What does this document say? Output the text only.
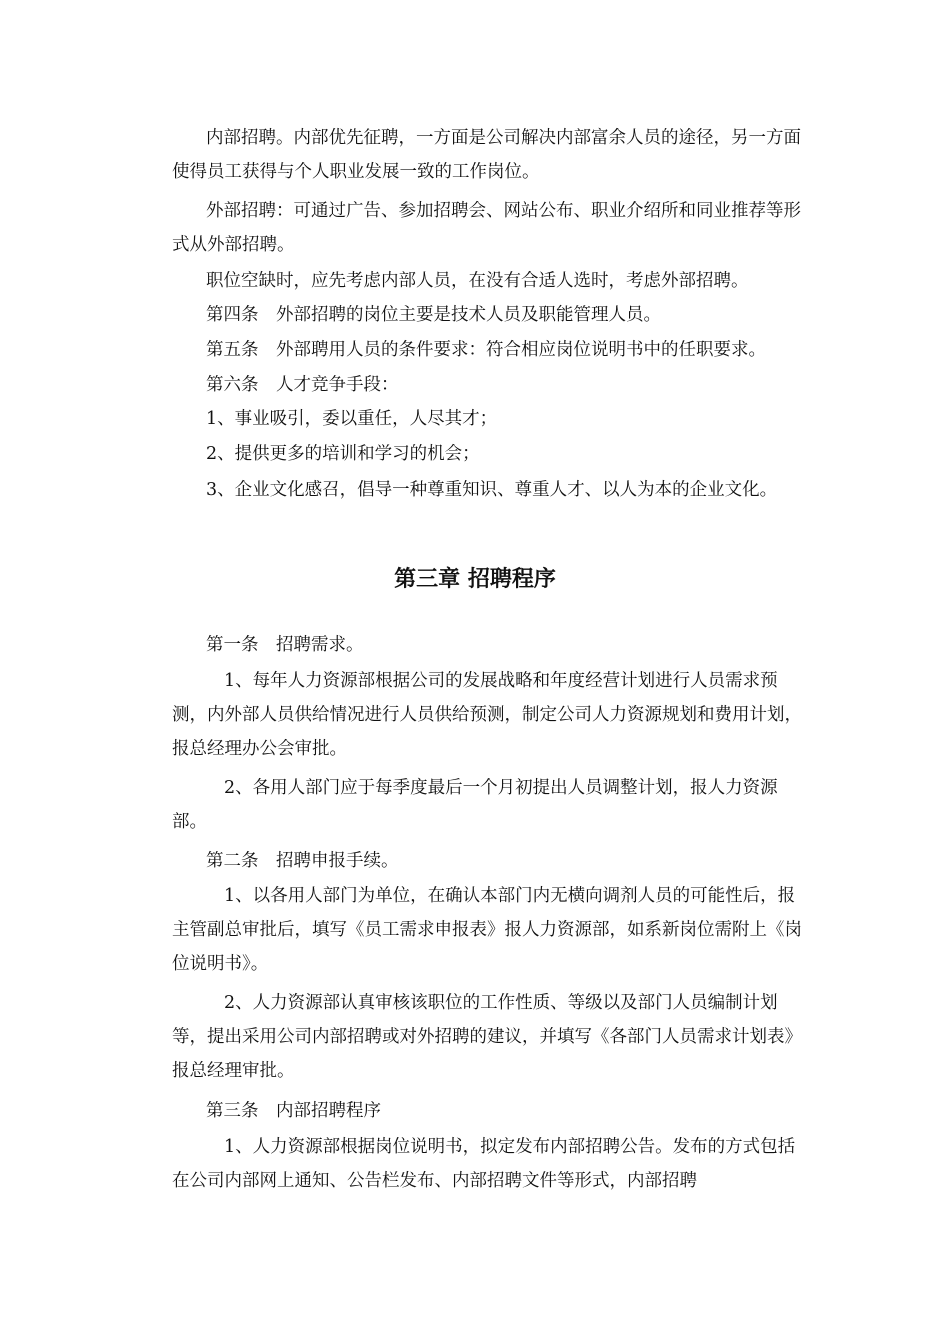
内部招聘。内部优先征聘，一方面是公司解决内部富余人员的途径，另一方面使得员工获得与个人职业发展一致的工作岗位。

外部招聘：可通过广告、参加招聘会、网站公布、职业介绍所和同业推荐等形式从外部招聘。

职位空缺时，应先考虑内部人员，在没有合适人选时，考虑外部招聘。

第四条　外部招聘的岗位主要是技术人员及职能管理人员。

第五条　外部聘用人员的条件要求：符合相应岗位说明书中的任职要求。

第六条　人才竞争手段：

1、事业吸引，委以重任，人尽其才；

2、提供更多的培训和学习的机会；

3、企业文化感召，倡导一种尊重知识、尊重人才、以人为本的企业文化。

第三章 招聘程序

第一条　招聘需求。

1、每年人力资源部根据公司的发展战略和年度经营计划进行人员需求预测，内外部人员供给情况进行人员供给预测，制定公司人力资源规划和费用计划，报总经理办公会审批。

2、各用人部门应于每季度最后一个月初提出人员调整计划，报人力资源部。

第二条　招聘申报手续。

1、以各用人部门为单位，在确认本部门内无横向调剂人员的可能性后，报主管副总审批后，填写《员工需求申报表》报人力资源部，如系新岗位需附上《岗位说明书》。

2、人力资源部认真审核该职位的工作性质、等级以及部门人员编制计划等，提出采用公司内部招聘或对外招聘的建议，并填写《各部门人员需求计划表》报总经理审批。

第三条　内部招聘程序

1、人力资源部根据岗位说明书，拟定发布内部招聘公告。发布的方式包括在公司内部网上通知、公告栏发布、内部招聘文件等形式，内部招聘
